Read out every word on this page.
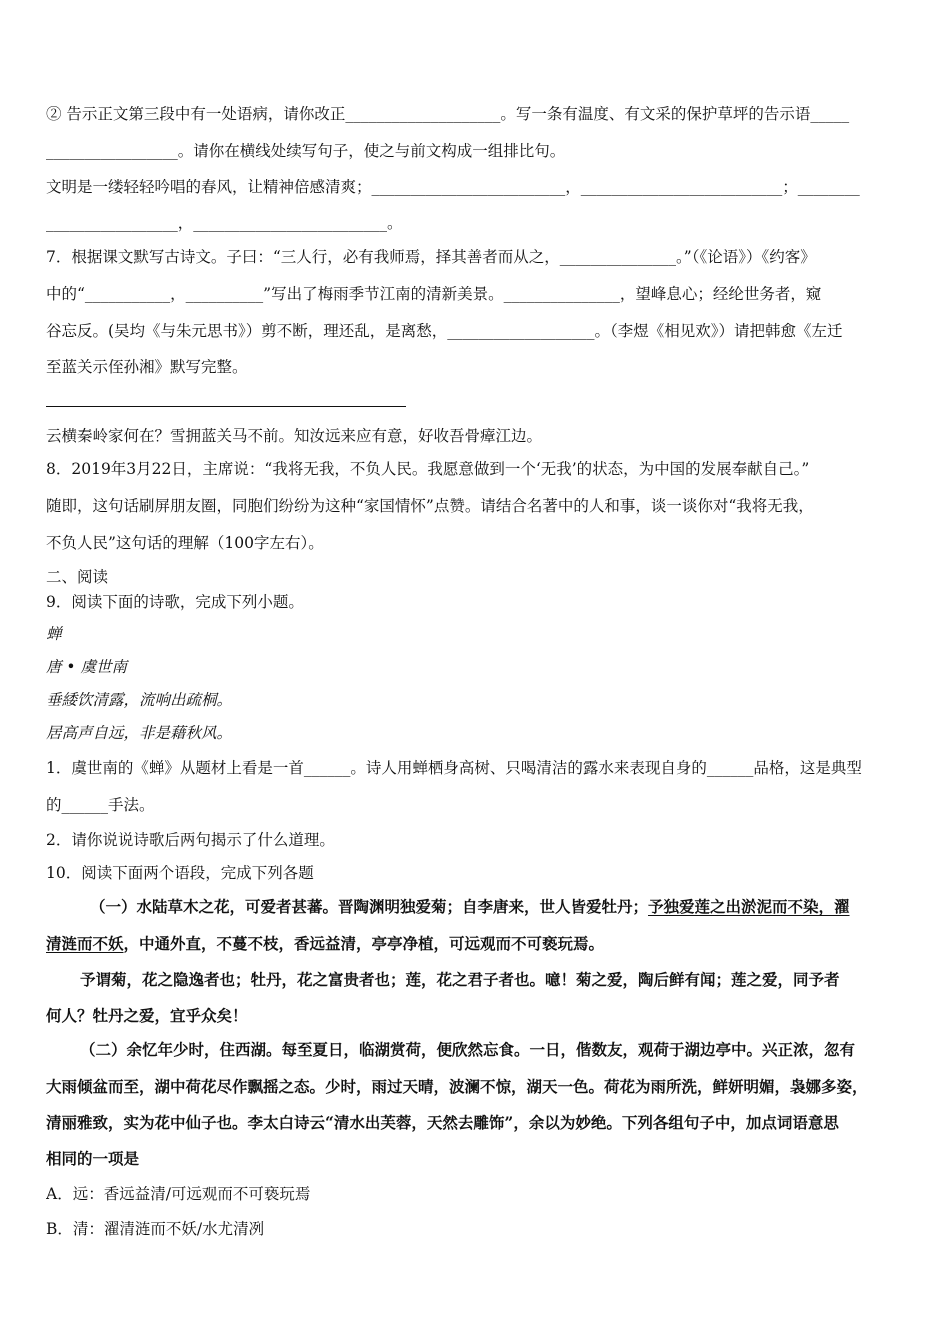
② 告示正文第三段中有一处语病，请你改正____________________。写一条有温度、有文采的保护草坪的告示语_____
_________________。请你在横线处续写句子，使之与前文构成一组排比句。
文明是一缕轻轻吟唱的春风，让精神倍感清爽；_________________________，__________________________；________
_________________，_________________________。
7．根据课文默写古诗文。子曰：“三人行，必有我师焉，择其善者而从之，_______________。”（《论语》）《约客》
中的“___________，__________”写出了梅雨季节江南的清新美景。_______________，望峰息心；经纶世务者，窥
谷忘反。(吴均《与朱元思书》）剪不断，理还乱，是离愁，___________________。（李煜《相见欢》）请把韩愈《左迁
至蓝关示侄孙湘》默写完整。
云横秦岭家何在？雪拥蓝关马不前。知汝远来应有意，好收吾骨瘴江边。
8．2019年3月22日，主席说：“我将无我，不负人民。我愿意做到一个‘无我’的状态，为中国的发展奉献自己。”
随即，这句话刷屏朋友圈，同胞们纷纷为这种“家国情怀”点赞。请结合名著中的人和事，谈一谈你对“我将无我，
不负人民”这句话的理解（100字左右）。
二、阅读
9．阅读下面的诗歌，完成下列小题。
蝉
唐 • 虞世南
垂緌饮清露，流响出疏桐。
居高声自远，非是藉秋风。
1．虞世南的《蝉》从题材上看是一首______。诗人用蝉栖身高树、只喝清洁的露水来表现自身的______品格，这是典型
的______手法。
2．请你说说诗歌后两句揭示了什么道理。
10．阅读下面两个语段，完成下列各题
（一）水陆草木之花，可爱者甚蕃。晋陶渊明独爱菊；自李唐来，世人皆爱牡丹；予独爱莲之出淤泥而不染，濯
清涟而不妖，中通外直，不蔓不枝，香远益清，亭亭净植，可远观而不可亵玩焉。
予谓菊，花之隐逸者也；牡丹，花之富贵者也；莲，花之君子者也。噫！菊之爱，陶后鲜有闻；莲之爱，同予者
何人？牡丹之爱，宜乎众矣！
（二）余忆年少时，住西湖。每至夏日，临湖赏荷，便欣然忘食。一日，偕数友，观荷于湖边亭中。兴正浓，忽有
大雨倾盆而至，湖中荷花尽作飘摇之态。少时，雨过天晴，波澜不惊，湖天一色。荷花为雨所洗，鲜妍明媚，袅娜多姿，
清丽雅致，实为花中仙子也。李太白诗云“清水出芙蓉，天然去雕饰”，余以为妙绝。下列各组句子中，加点词语意思
相同的一项是
A．远：香远益清/可远观而不可亵玩焉
B．清：濯清涟而不妖/水尤清冽
